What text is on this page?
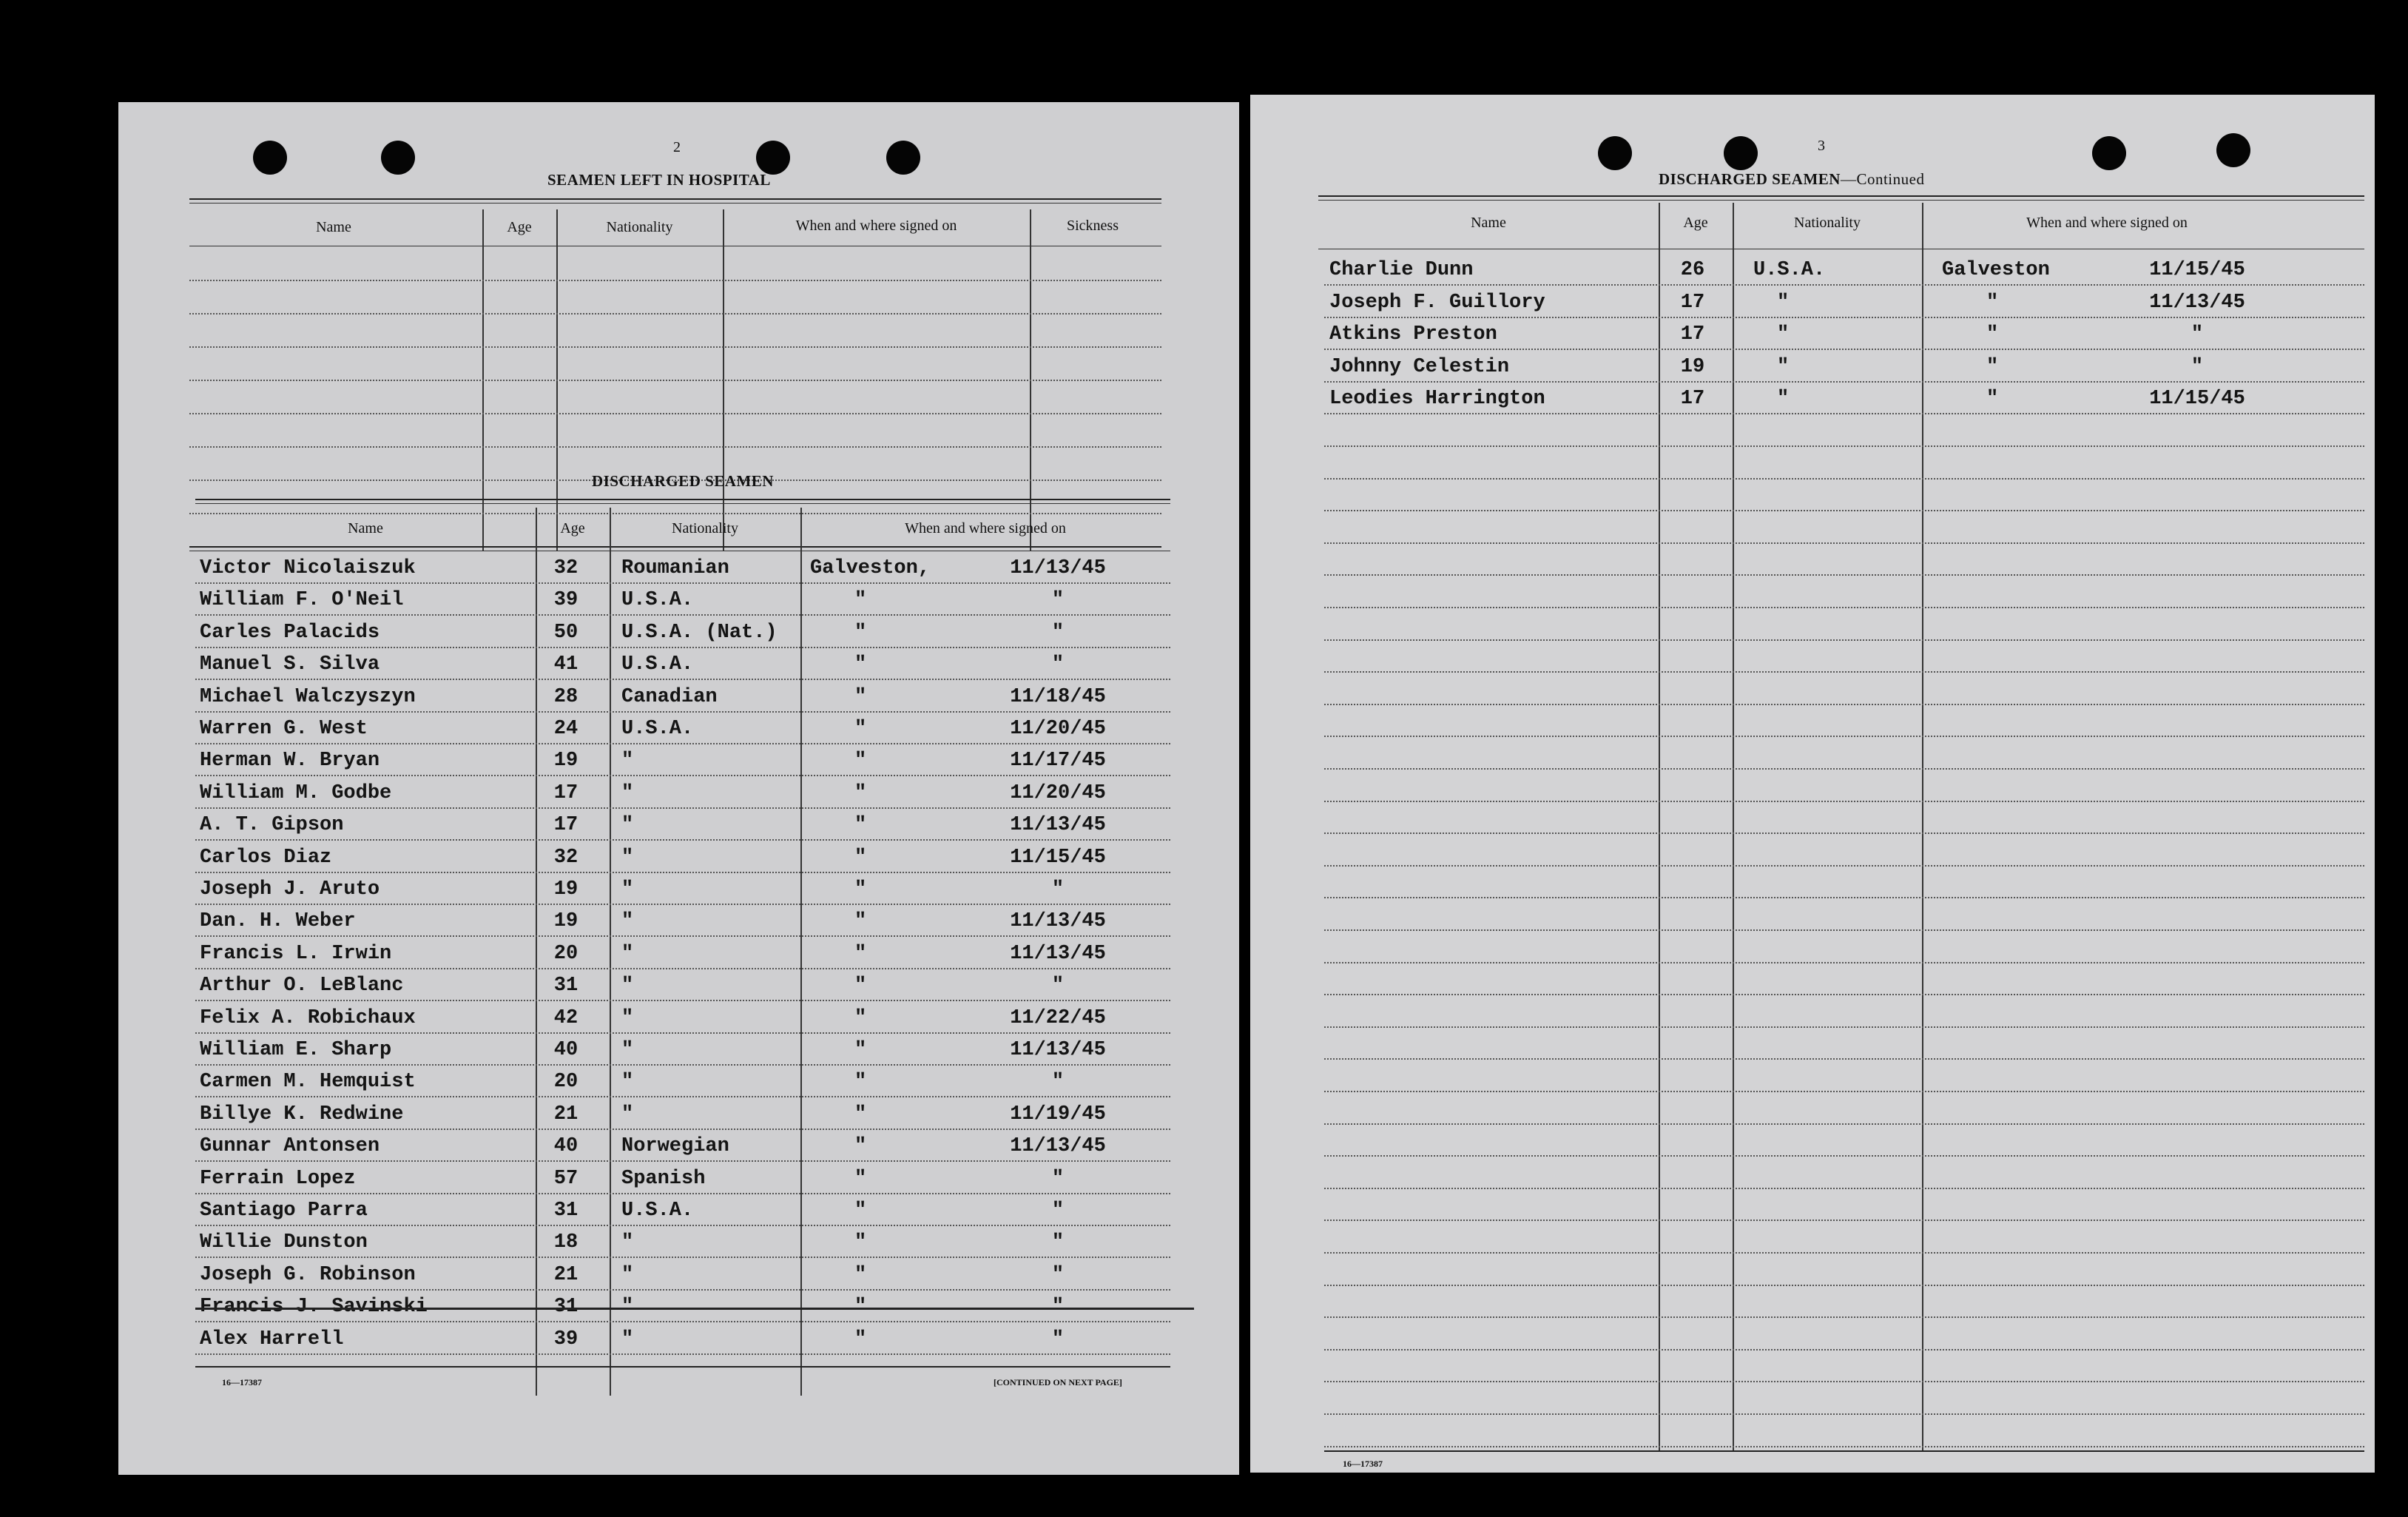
2
SEAMEN LEFT IN HOSPITAL
Name	Age	Nationality	When and where signed on	Sickness
DISCHARGED SEAMEN
Name	Age	Nationality	When and where signed on
Victor Nicolaiszuk	32	Roumanian	Galveston,	11/13/45
William F. O'Neil	39	U.S.A.	"	"
Carles Palacids	50	U.S.A. (Nat.)	"	"
Manuel S. Silva	41	U.S.A.	"	"
Michael Walczyszyn	28	Canadian	"	11/18/45
Warren G. West	24	U.S.A.	"	11/20/45
Herman W. Bryan	19	"	"	11/17/45
William M. Godbe	17	"	"	11/20/45
A. T. Gipson	17	"	"	11/13/45
Carlos Diaz	32	"	"	11/15/45
Joseph J. Aruto	19	"	"	"
Dan. H. Weber	19	"	"	11/13/45
Francis L. Irwin	20	"	"	11/13/45
Arthur O. LeBlanc	31	"	"	"
Felix A. Robichaux	42	"	"	11/22/45
William E. Sharp	40	"	"	11/13/45
Carmen M. Hemquist	20	"	"	"
Billye K. Redwine	21	"	"	11/19/45
Gunnar Antonsen	40	Norwegian	"	11/13/45
Ferrain Lopez	57	Spanish	"	"
Santiago Parra	31	U.S.A.	"	"
Willie Dunston	18	"	"	"
Joseph G. Robinson	21	"	"	"
Francis J. Savinski	31	"	"	"
Alex Harrell	39	"	"	"
16—17387	[CONTINUED ON NEXT PAGE]
3
DISCHARGED SEAMEN—Continued
Name	Age	Nationality	When and where signed on
Charlie Dunn	26	U.S.A.	Galveston	11/15/45
Joseph F. Guillory	17	"	"	11/13/45
Atkins Preston	17	"	"	"
Johnny Celestin	19	"	"	"
Leodies Harrington	17	"	"	11/15/45
16—17387
